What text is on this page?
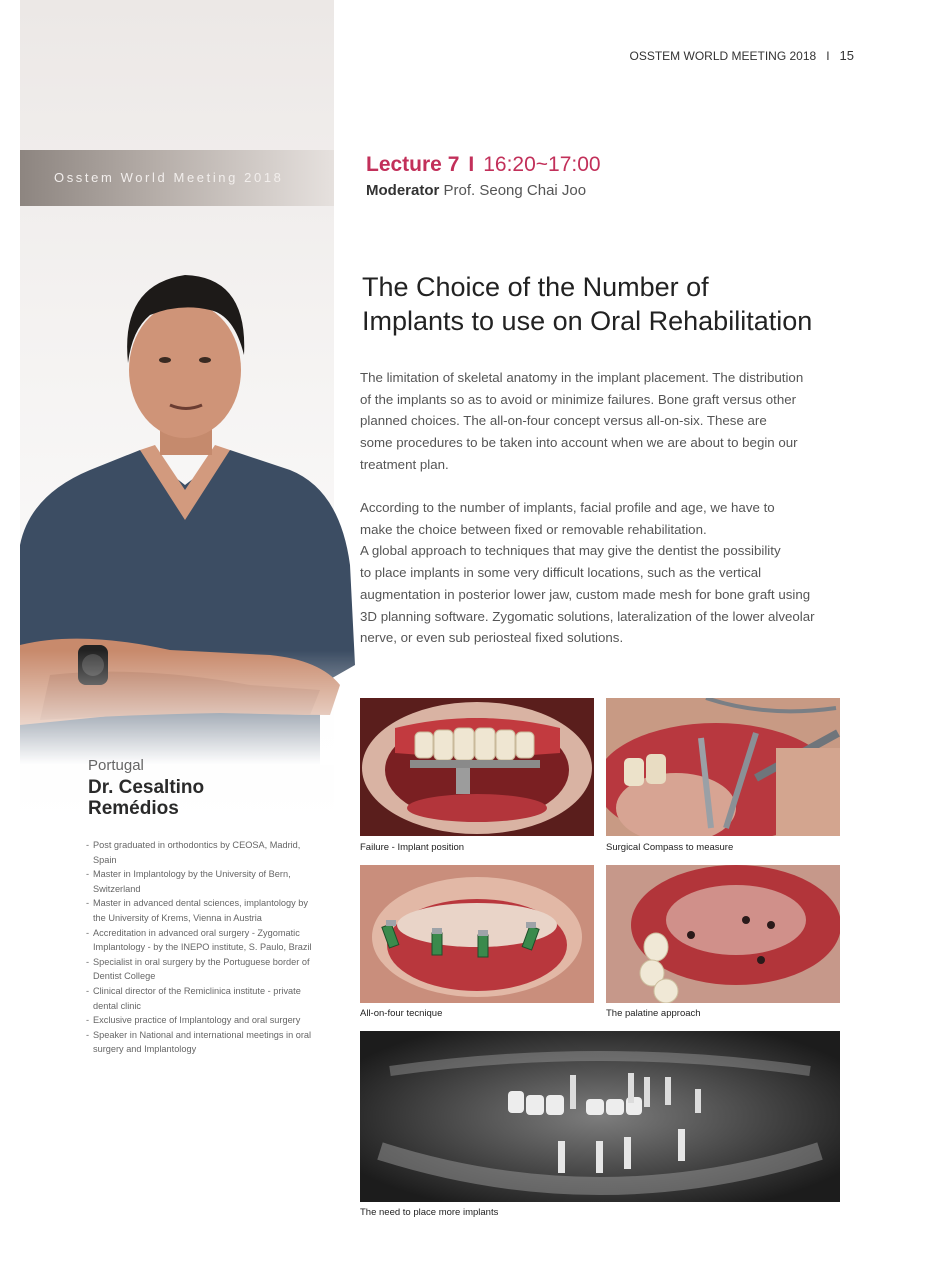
Osstem World Meeting 2018
OSSTEM WORLD MEETING 2018 I 15
Lecture 7 I 16:20~17:00
Moderator Prof. Seong Chai Joo
The Choice of the Number of
Implants to use on Oral Rehabilitation
The limitation of skeletal anatomy in the implant placement. The distribution
of the implants so as to avoid or minimize failures. Bone graft versus other
planned choices. The all-on-four concept versus all-on-six. These are
some procedures to be taken into account when we are about to begin our
treatment plan.
According to the number of implants, facial profile and age, we have to
make the choice between fixed or removable rehabilitation.
A global approach to techniques that may give the dentist the possibility
to place implants in some very difficult locations, such as the vertical
augmentation in posterior lower jaw, custom made mesh for bone graft using
3D planning software. Zygomatic solutions, lateralization of the lower alveolar
nerve, or even sub periosteal fixed solutions.
Portugal
Dr. Cesaltino
Remédios
- Post graduated in orthodontics by CEOSA, Madrid,
Spain
- Master in Implantology by the University of Bern,
Switzerland
- Master in advanced dental sciences, implantology by
the University of Krems, Vienna in Austria
- Accreditation in advanced oral surgery - Zygomatic
Implantology - by the INEPO institute, S. Paulo, Brazil
- Specialist in oral surgery by the Portuguese border of
Dentist College
- Clinical director of the Remiclinica institute - private
dental clinic
- Exclusive practice of Implantology and oral surgery
- Speaker in National and international meetings in oral
surgery and Implantology
Failure - Implant position	Surgical Compass to measure
All-on-four tecnique	The palatine approach
The need to place more implants
